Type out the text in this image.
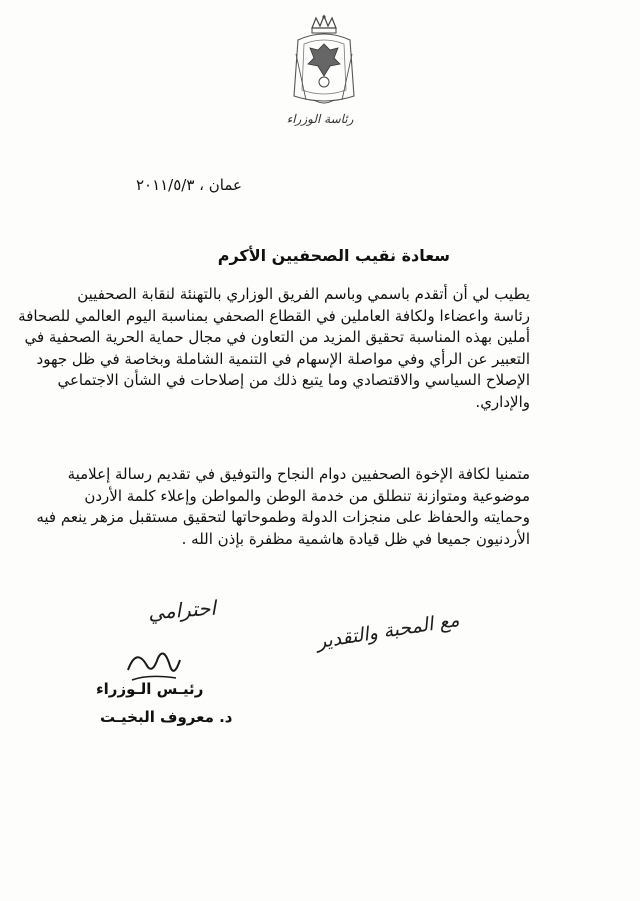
رئاسة الوزراء
عمان ، ٢٠١١/٥/٣
سعادة نقيب الصحفيين الأكرم
يطيب لي أن أتقدم باسمي وباسم الفريق الوزاري بالتهنئة لنقابة الصحفيين
رئاسة واعضاءا ولكافة العاملين في القطاع الصحفي بمناسبة اليوم العالمي للصحافة
أملين بهذه المناسبة تحقيق المزيد من التعاون في مجال حماية الحرية الصحفية في
التعبير عن الرأي وفي مواصلة الإسهام في التنمية الشاملة وبخاصة في ظل جهود
الإصلاح السياسي والاقتصادي وما يتبع ذلك من إصلاحات في الشأن الاجتماعي
والإداري.
متمنيا لكافة الإخوة الصحفيين دوام النجاح والتوفيق في تقديم رسالة إعلامية
موضوعية ومتوازنة تنطلق من خدمة الوطن والمواطن وإعلاء كلمة الأردن
وحمايته والحفاظ على منجزات الدولة وطموحاتها لتحقيق مستقبل مزهر ينعم فيه
الأردنيون جميعا في ظل قيادة هاشمية مظفرة بإذن الله .
احترامي	مع المحبة والتقدير
رئيـس الـوزراء
د. معروف البخيـت
